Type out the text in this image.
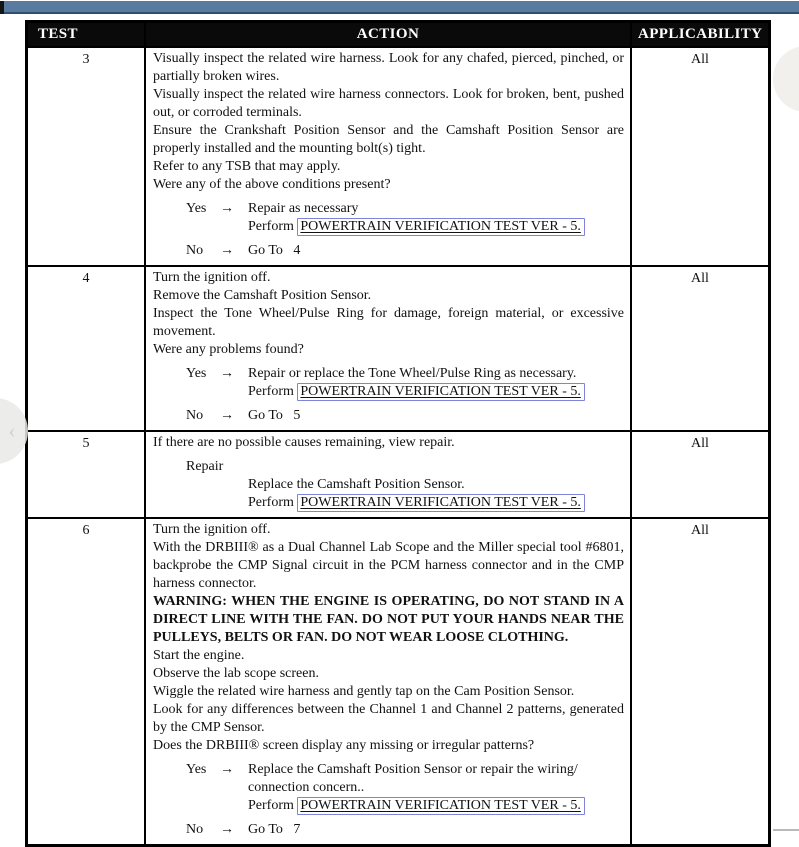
TEST	ACTION	APPLICABILITY
3	Visually inspect the related wire harness. Look for any chafed, pierced, pinched, or partially broken wires.
Visually inspect the related wire harness connectors. Look for broken, bent, pushed out, or corroded terminals.
Ensure the Crankshaft Position Sensor and the Camshaft Position Sensor are properly installed and the mounting bolt(s) tight.
Refer to any TSB that may apply.
Were any of the above conditions present?
Yes →	Repair as necessary
Perform POWERTRAIN VERIFICATION TEST VER - 5.
No	→	Go To   4
	All
4	Turn the ignition off.
Remove the Camshaft Position Sensor.
Inspect the Tone Wheel/Pulse Ring for damage, foreign material, or excessive movement.
Were any problems found?
Yes →	Repair or replace the Tone Wheel/Pulse Ring as necessary.
Perform POWERTRAIN VERIFICATION TEST VER - 5.
No	→	Go To   5
	All
5	If there are no possible causes remaining, view repair.
Repair
Replace the Camshaft Position Sensor.
Perform POWERTRAIN VERIFICATION TEST VER - 5.	All
6	Turn the ignition off.
With the DRBIII® as a Dual Channel Lab Scope and the Miller special tool #6801, backprobe the CMP Signal circuit in the PCM harness connector and in the CMP harness connector.
WARNING: WHEN THE ENGINE IS OPERATING, DO NOT STAND IN A DIRECT LINE WITH THE FAN. DO NOT PUT YOUR HANDS NEAR THE PULLEYS, BELTS OR FAN. DO NOT WEAR LOOSE CLOTHING.
Start the engine.
Observe the lab scope screen.
Wiggle the related wire harness and gently tap on the Cam Position Sensor.
Look for any differences between the Channel 1 and Channel 2 patterns, generated by the CMP Sensor.
Does the DRBIII® screen display any missing or irregular patterns?
Yes →	Replace the Camshaft Position Sensor or repair the wiring/
connection concern..
Perform POWERTRAIN VERIFICATION TEST VER - 5.
No	→	Go To   7
	All
‹
